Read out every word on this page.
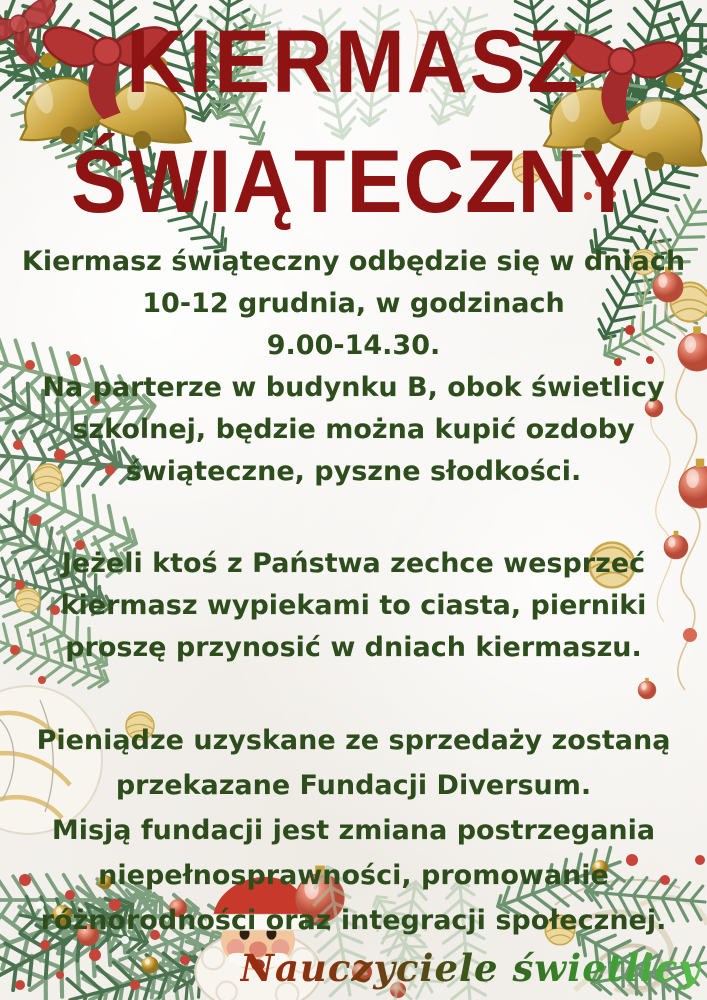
KIERMASZ
ŚWIĄTECZNY
Kiermasz świąteczny odbędzie się w dniach
10-12 grudnia, w godzinach
9.00-14.30.
Na parterze w budynku B, obok świetlicy
szkolnej, będzie można kupić ozdoby
świąteczne, pyszne słodkości.
Jeżeli ktoś z Państwa zechce wesprzeć
kiermasz wypiekami to ciasta, pierniki
proszę przynosić w dniach kiermaszu.
Pieniądze uzyskane ze sprzedaży zostaną
przekazane Fundacji Diversum.
Misją fundacji jest zmiana postrzegania
niepełnosprawności, promowanie
różnorodności oraz integracji społecznej.
Nauczyciele świetlicy
